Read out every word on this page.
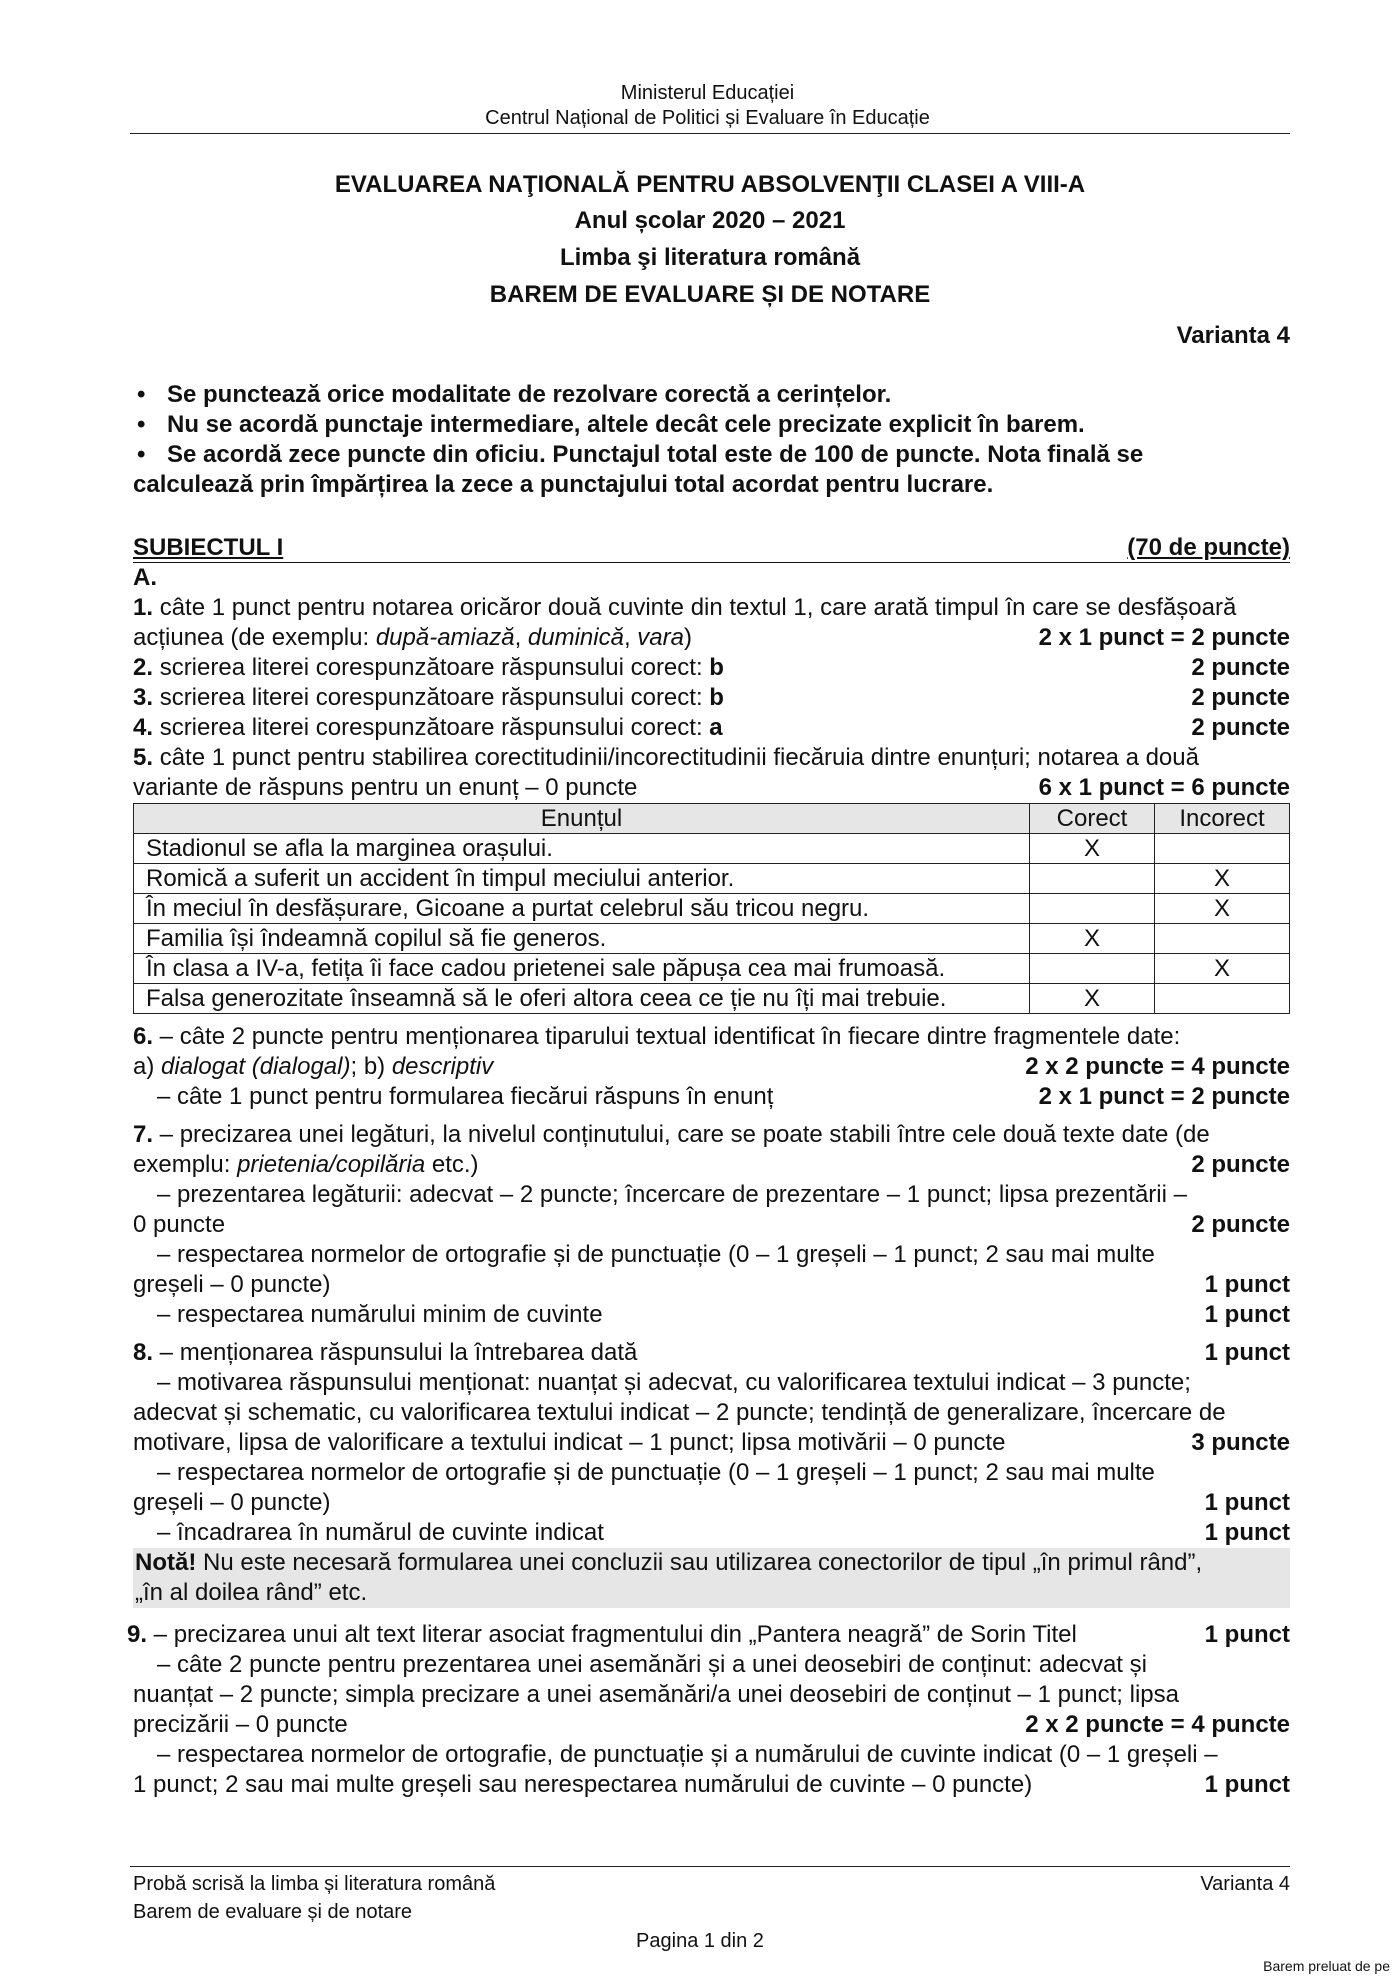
Ministerul Educației
Centrul Național de Politici și Evaluare în Educație
EVALUAREA NAŢIONALĂ PENTRU ABSOLVENŢII CLASEI A VIII-A
Anul școlar 2020 – 2021
Limba şi literatura română
BAREM DE EVALUARE ȘI DE NOTARE
Varianta 4
• Se punctează orice modalitate de rezolvare corectă a cerințelor.
• Nu se acordă punctaje intermediare, altele decât cele precizate explicit în barem.
• Se acordă zece puncte din oficiu. Punctajul total este de 100 de puncte. Nota finală se
calculează prin împărțirea la zece a punctajului total acordat pentru lucrare.
SUBIECTUL I	(70 de puncte)
A.
1. câte 1 punct pentru notarea oricăror două cuvinte din textul 1, care arată timpul în care se desfășoară
acțiunea (de exemplu: după-amiază, duminică, vara)	2 x 1 punct = 2 puncte
2. scrierea literei corespunzătoare răspunsului corect: b	2 puncte
3. scrierea literei corespunzătoare răspunsului corect: b	2 puncte
4. scrierea literei corespunzătoare răspunsului corect: a	2 puncte
5. câte 1 punct pentru stabilirea corectitudinii/incorectitudinii fiecăruia dintre enunțuri; notarea a două
variante de răspuns pentru un enunț – 0 puncte	6 x 1 punct = 6 puncte
Enunțul	Corect	Incorect
Stadionul se afla la marginea orașului.	X	
Romică a suferit un accident în timpul meciului anterior.		X
În meciul în desfășurare, Gicoane a purtat celebrul său tricou negru.		X
Familia își îndeamnă copilul să fie generos.	X	
În clasa a IV-a, fetița îi face cadou prietenei sale păpușa cea mai frumoasă.		X
Falsa generozitate înseamnă să le oferi altora ceea ce ție nu îți mai trebuie.	X	
6. – câte 2 puncte pentru menționarea tiparului textual identificat în fiecare dintre fragmentele date:
a) dialogat (dialogal); b) descriptiv	2 x 2 puncte = 4 puncte
– câte 1 punct pentru formularea fiecărui răspuns în enunț	2 x 1 punct = 2 puncte
7. – precizarea unei legături, la nivelul conținutului, care se poate stabili între cele două texte date (de
exemplu: prietenia/copilăria etc.)	2 puncte
– prezentarea legăturii: adecvat – 2 puncte; încercare de prezentare – 1 punct; lipsa prezentării –
0 puncte	2 puncte
– respectarea normelor de ortografie și de punctuație (0 – 1 greșeli – 1 punct; 2 sau mai multe
greșeli – 0 puncte)	1 punct
– respectarea numărului minim de cuvinte	1 punct
8. – menționarea răspunsului la întrebarea dată	1 punct
– motivarea răspunsului menționat: nuanțat și adecvat, cu valorificarea textului indicat – 3 puncte;
adecvat și schematic, cu valorificarea textului indicat – 2 puncte; tendință de generalizare, încercare de
motivare, lipsa de valorificare a textului indicat – 1 punct; lipsa motivării – 0 puncte	3 puncte
– respectarea normelor de ortografie și de punctuație (0 – 1 greșeli – 1 punct; 2 sau mai multe
greșeli – 0 puncte)	1 punct
– încadrarea în numărul de cuvinte indicat	1 punct
Notă! Nu este necesară formularea unei concluzii sau utilizarea conectorilor de tipul „în primul rând”,
„în al doilea rând” etc.
9. – precizarea unui alt text literar asociat fragmentului din „Pantera neagră” de Sorin Titel	1 punct
– câte 2 puncte pentru prezentarea unei asemănări și a unei deosebiri de conținut: adecvat și
nuanțat – 2 puncte; simpla precizare a unei asemănări/a unei deosebiri de conținut – 1 punct; lipsa
precizării – 0 puncte	2 x 2 puncte = 4 puncte
– respectarea normelor de ortografie, de punctuație și a numărului de cuvinte indicat (0 – 1 greșeli –
1 punct; 2 sau mai multe greșeli sau nerespectarea numărului de cuvinte – 0 puncte)	1 punct
Probă scrisă la limba și literatura română
Barem de evaluare și de notare
Varianta 4
Pagina 1 din 2
Barem preluat de pe
